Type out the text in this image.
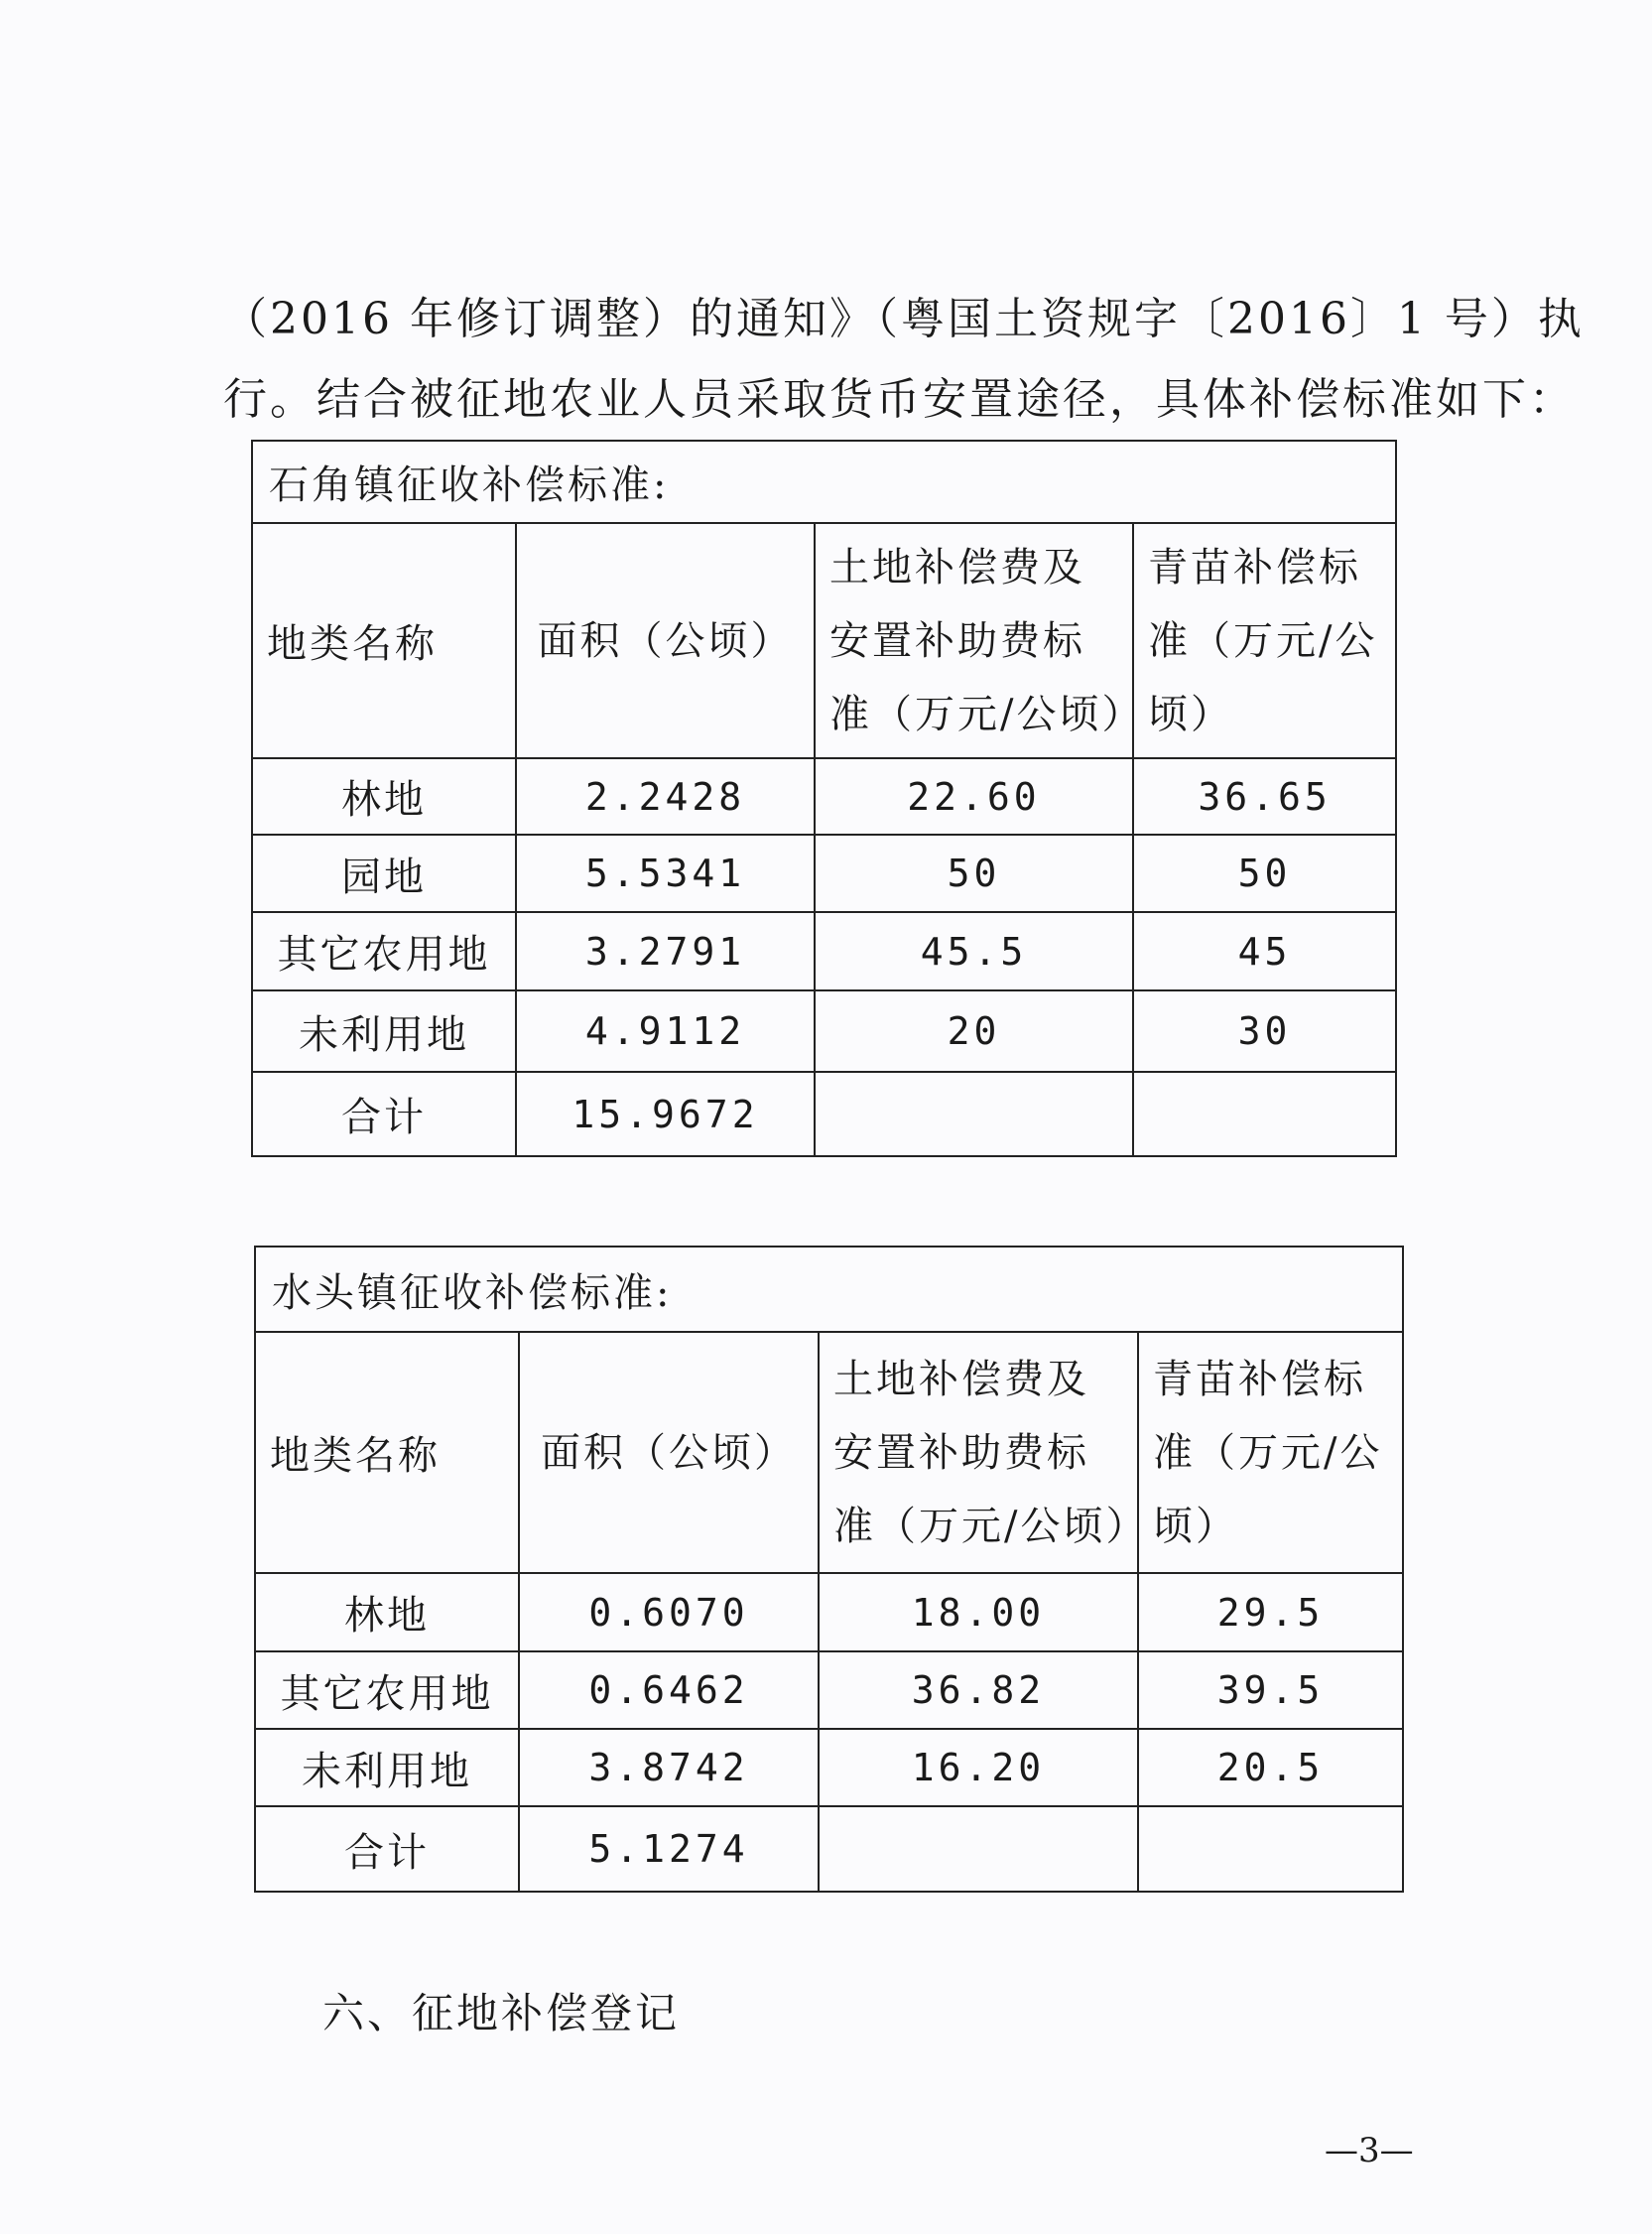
（2016 年修订调整）的通知》（粤国土资规字〔2016〕1 号）执
行。结合被征地农业人员采取货币安置途径，具体补偿标准如下：
石角镇征收补偿标准:			
地类名称	面积（公顷）	土地补偿费及安置补助费标准（万元/公顷）	青苗补偿标准（万元/公顷）
林地	2.2428	22.60	36.65
园地	5.5341	50	50
其它农用地	3.2791	45.5	45
未利用地	4.9112	20	30
合计	15.9672		
水头镇征收补偿标准:			
地类名称	面积（公顷）	土地补偿费及安置补助费标准（万元/公顷）	青苗补偿标准（万元/公顷）
林地	0.6070	18.00	29.5
其它农用地	0.6462	36.82	39.5
未利用地	3.8742	16.20	20.5
合计	5.1274		
六、征地补偿登记
—3—
